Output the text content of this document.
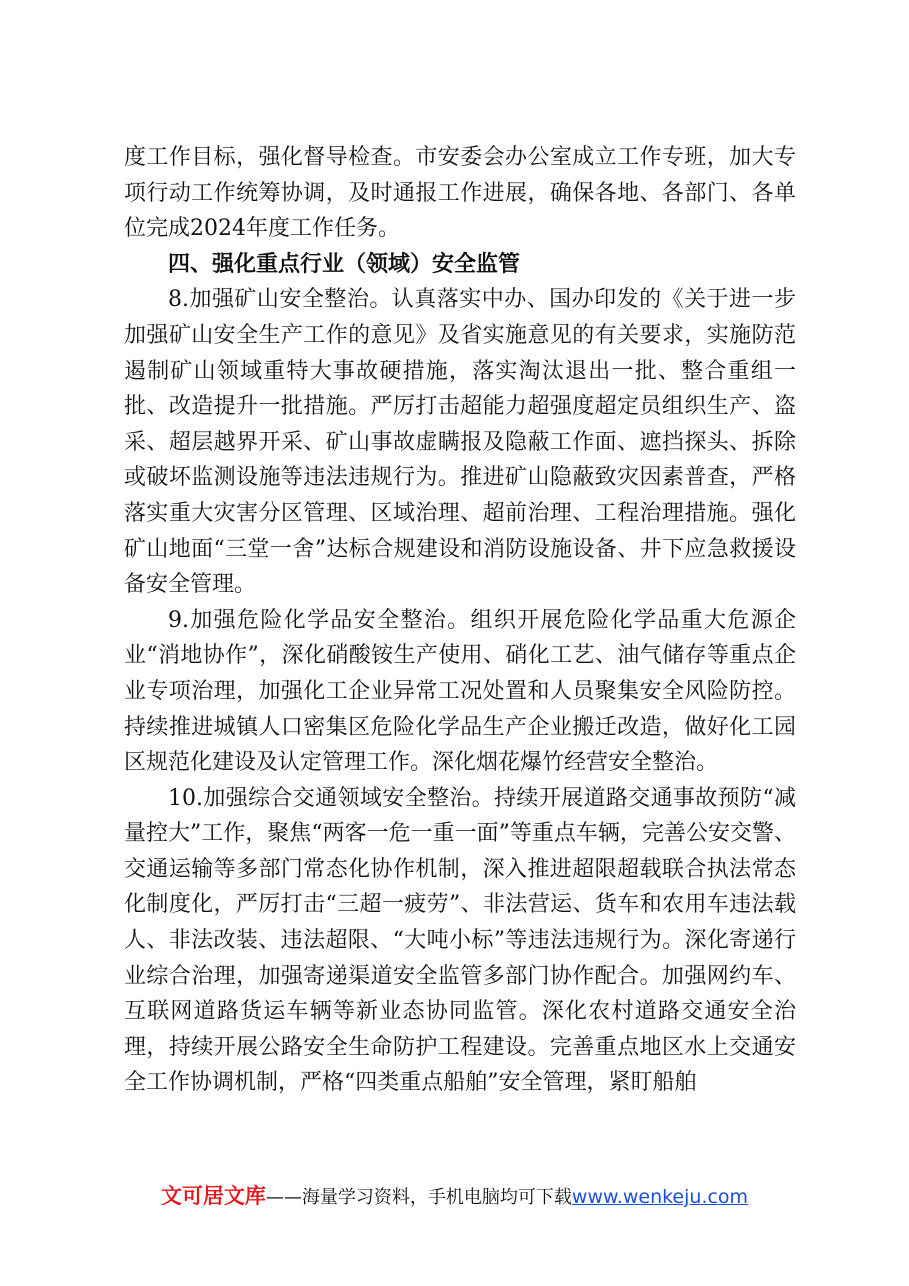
度工作目标，强化督导检查。市安委会办公室成立工作专班，加大专项行动工作统筹协调，及时通报工作进展，确保各地、各部门、各单位完成2024年度工作任务。

四、强化重点行业（领域）安全监管

8.加强矿山安全整治。认真落实中办、国办印发的《关于进一步加强矿山安全生产工作的意见》及省实施意见的有关要求，实施防范遏制矿山领域重特大事故硬措施，落实淘汰退出一批、整合重组一批、改造提升一批措施。严厉打击超能力超强度超定员组织生产、盗采、超层越界开采、矿山事故虚瞒报及隐蔽工作面、遮挡探头、拆除或破坏监测设施等违法违规行为。推进矿山隐蔽致灾因素普查，严格落实重大灾害分区管理、区域治理、超前治理、工程治理措施。强化矿山地面“三堂一舍”达标合规建设和消防设施设备、井下应急救援设备安全管理。

9.加强危险化学品安全整治。组织开展危险化学品重大危源企业“消地协作”，深化硝酸铵生产使用、硝化工艺、油气储存等重点企业专项治理，加强化工企业异常工况处置和人员聚集安全风险防控。持续推进城镇人口密集区危险化学品生产企业搬迁改造，做好化工园区规范化建设及认定管理工作。深化烟花爆竹经营安全整治。

10.加强综合交通领域安全整治。持续开展道路交通事故预防“减量控大”工作，聚焦“两客一危一重一面”等重点车辆，完善公安交警、交通运输等多部门常态化协作机制，深入推进超限超载联合执法常态化制度化，严厉打击“三超一疲劳”、非法营运、货车和农用车违法载人、非法改装、违法超限、“大吨小标”等违法违规行为。深化寄递行业综合治理，加强寄递渠道安全监管多部门协作配合。加强网约车、互联网道路货运车辆等新业态协同监管。深化农村道路交通安全治理，持续开展公路安全生命防护工程建设。完善重点地区水上交通安全工作协调机制，严格“四类重点船舶”安全管理，紧盯船舶

文可居文库——海量学习资料，手机电脑均可下载www.wenkeju.com
